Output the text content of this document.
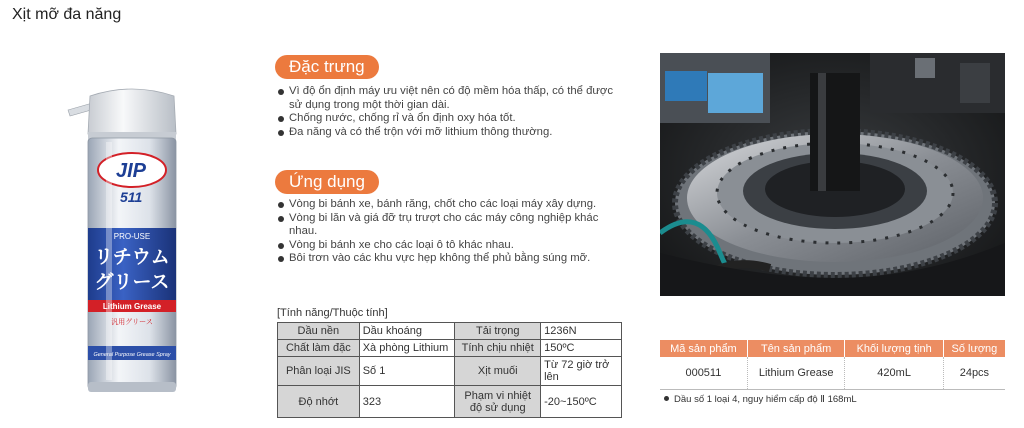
Xịt mỡ đa năng
JIP
511
PRO-USE
リチウム
グリース
Lithium Grease
汎用グリース
General Purpose Grease Spray
Đặc trưng
Vì độ ổn định máy ưu việt nên có độ mềm hóa thấp, có thể được sử dụng trong một thời gian dài.
Chống nước, chống rỉ và ổn định oxy hóa tốt.
Đa năng và có thể trộn với mỡ lithium thông thường.
Ứng dụng
Vòng bi bánh xe, bánh răng, chốt cho các loại máy xây dựng.
Vòng bi lăn và giá đỡ trụ trượt cho các máy công nghiệp khác nhau.
Vòng bi bánh xe cho các loại ô tô khác nhau.
Bôi trơn vào các khu vực hẹp không thể phủ bằng súng mỡ.
[Tính năng/Thuộc tính]
Dầu nền	Dầu khoáng	Tải trọng	1236N
Chất làm đặc	Xà phòng Lithium	Tính chịu nhiệt	150ºC
Phân loại JIS	Số 1	Xịt muối	Từ 72 giờ trở lên
Độ nhớt	323	Phạm vi nhiệt độ sử dụng	-20~150ºC
Mã sản phẩm	Tên sản phẩm	Khối lượng tịnh	Số lượng
000511	Lithium Grease	420mL	24pcs
Dầu số 1 loại 4, nguy hiểm cấp độ Ⅱ 168mL
